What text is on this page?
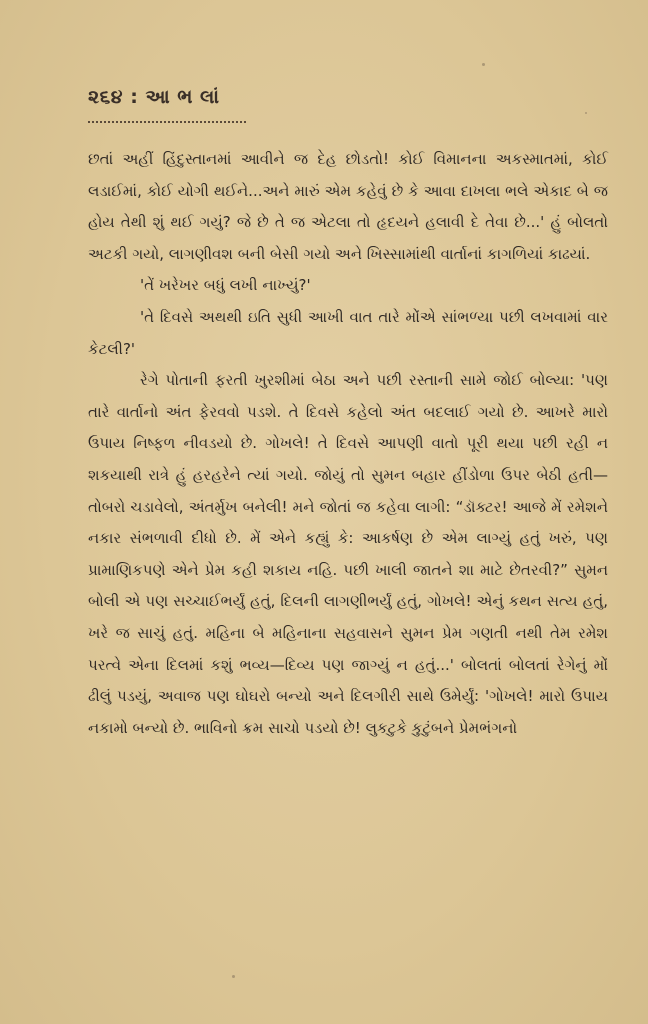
૨૬૪ : આ ભ લાં

છતાં અહીં હિંદુસ્તાનમાં આવીને જ દેહ છોડતો! કોઈ વિમાનના અકસ્માતમાં, કોઈ લડાઈમાં, કોઈ યોગી થઈને...અને મારું એમ કહેવું છે કે આવા દાખલા ભલે એકાદ બે જ હોય તેથી શું થઈ ગયું? જે છે તે જ એટલા તો હૃદયને હલાવી દે તેવા છે...' હું બોલતો અટકી ગયો, લાગણીવશ બની બેસી ગયો અને ખિસ્સામાંથી વાર્તાનાં કાગળિયાં કાઢયાં.

'તેં ખરેખર બધું લખી નાખ્યું?'

'તે દિવસે અથથી ઇતિ સુધી આખી વાત તારે મોંએ સાંભળ્યા પછી લખવામાં વાર કેટલી?'

રેગે પોતાની ફરતી ખુરશીમાં બેઠા અને પછી રસ્તાની સામે જોઈ બોલ્યા: 'પણ તારે વાર્તાનો અંત ફેરવવો પડશે. તે દિવસે કહેલો અંત બદલાઈ ગયો છે. આખરે મારો ઉપાય નિષ્ફળ નીવડયો છે. ગોખલે! તે દિવસે આપણી વાતો પૂરી થયા પછી રહી ન શકયાથી રાત્રે હું હરહરેને ત્યાં ગયો. જોયું તો સુમન બહાર હીંડોળા ઉપર બેઠી હતી—તોબરો ચડાવેલો, અંતર્મુખ બનેલી! મને જોતાં જ કહેવા લાગી: “ડૉક્ટર! આજે મેં રમેશને નકાર સંભળાવી દીધો છે. મેં એને કહ્યું કે: આકર્ષણ છે એમ લાગ્યું હતું ખરું, પણ પ્રામાણિકપણે એને પ્રેમ કહી શકાય નહિ. પછી ખાલી જાતને શા માટે છેતરવી?” સુમન બોલી એ પણ સચ્ચાઈભર્યું હતું, દિલની લાગણીભર્યું હતું, ગોખલે! એનું કથન સત્ય હતું, ખરે જ સાચું હતું. મહિના બે મહિનાના સહવાસને સુમન પ્રેમ ગણતી નથી તેમ રમેશ પરત્વે એના દિલમાં કશું ભવ્ય—દિવ્ય પણ જાગ્યું ન હતું...' બોલતાં બોલતાં રેગેનું મોં ઢીલું પડયું, અવાજ પણ ઘોઘરો બન્યો અને દિલગીરી સાથે ઉમેર્યું: 'ગોખલે! મારો ઉપાય નકામો બન્યો છે. ભાવિનો ક્રમ સાચો પડયો છે! લુકટુકે કુટુંબને પ્રેમભંગનો
